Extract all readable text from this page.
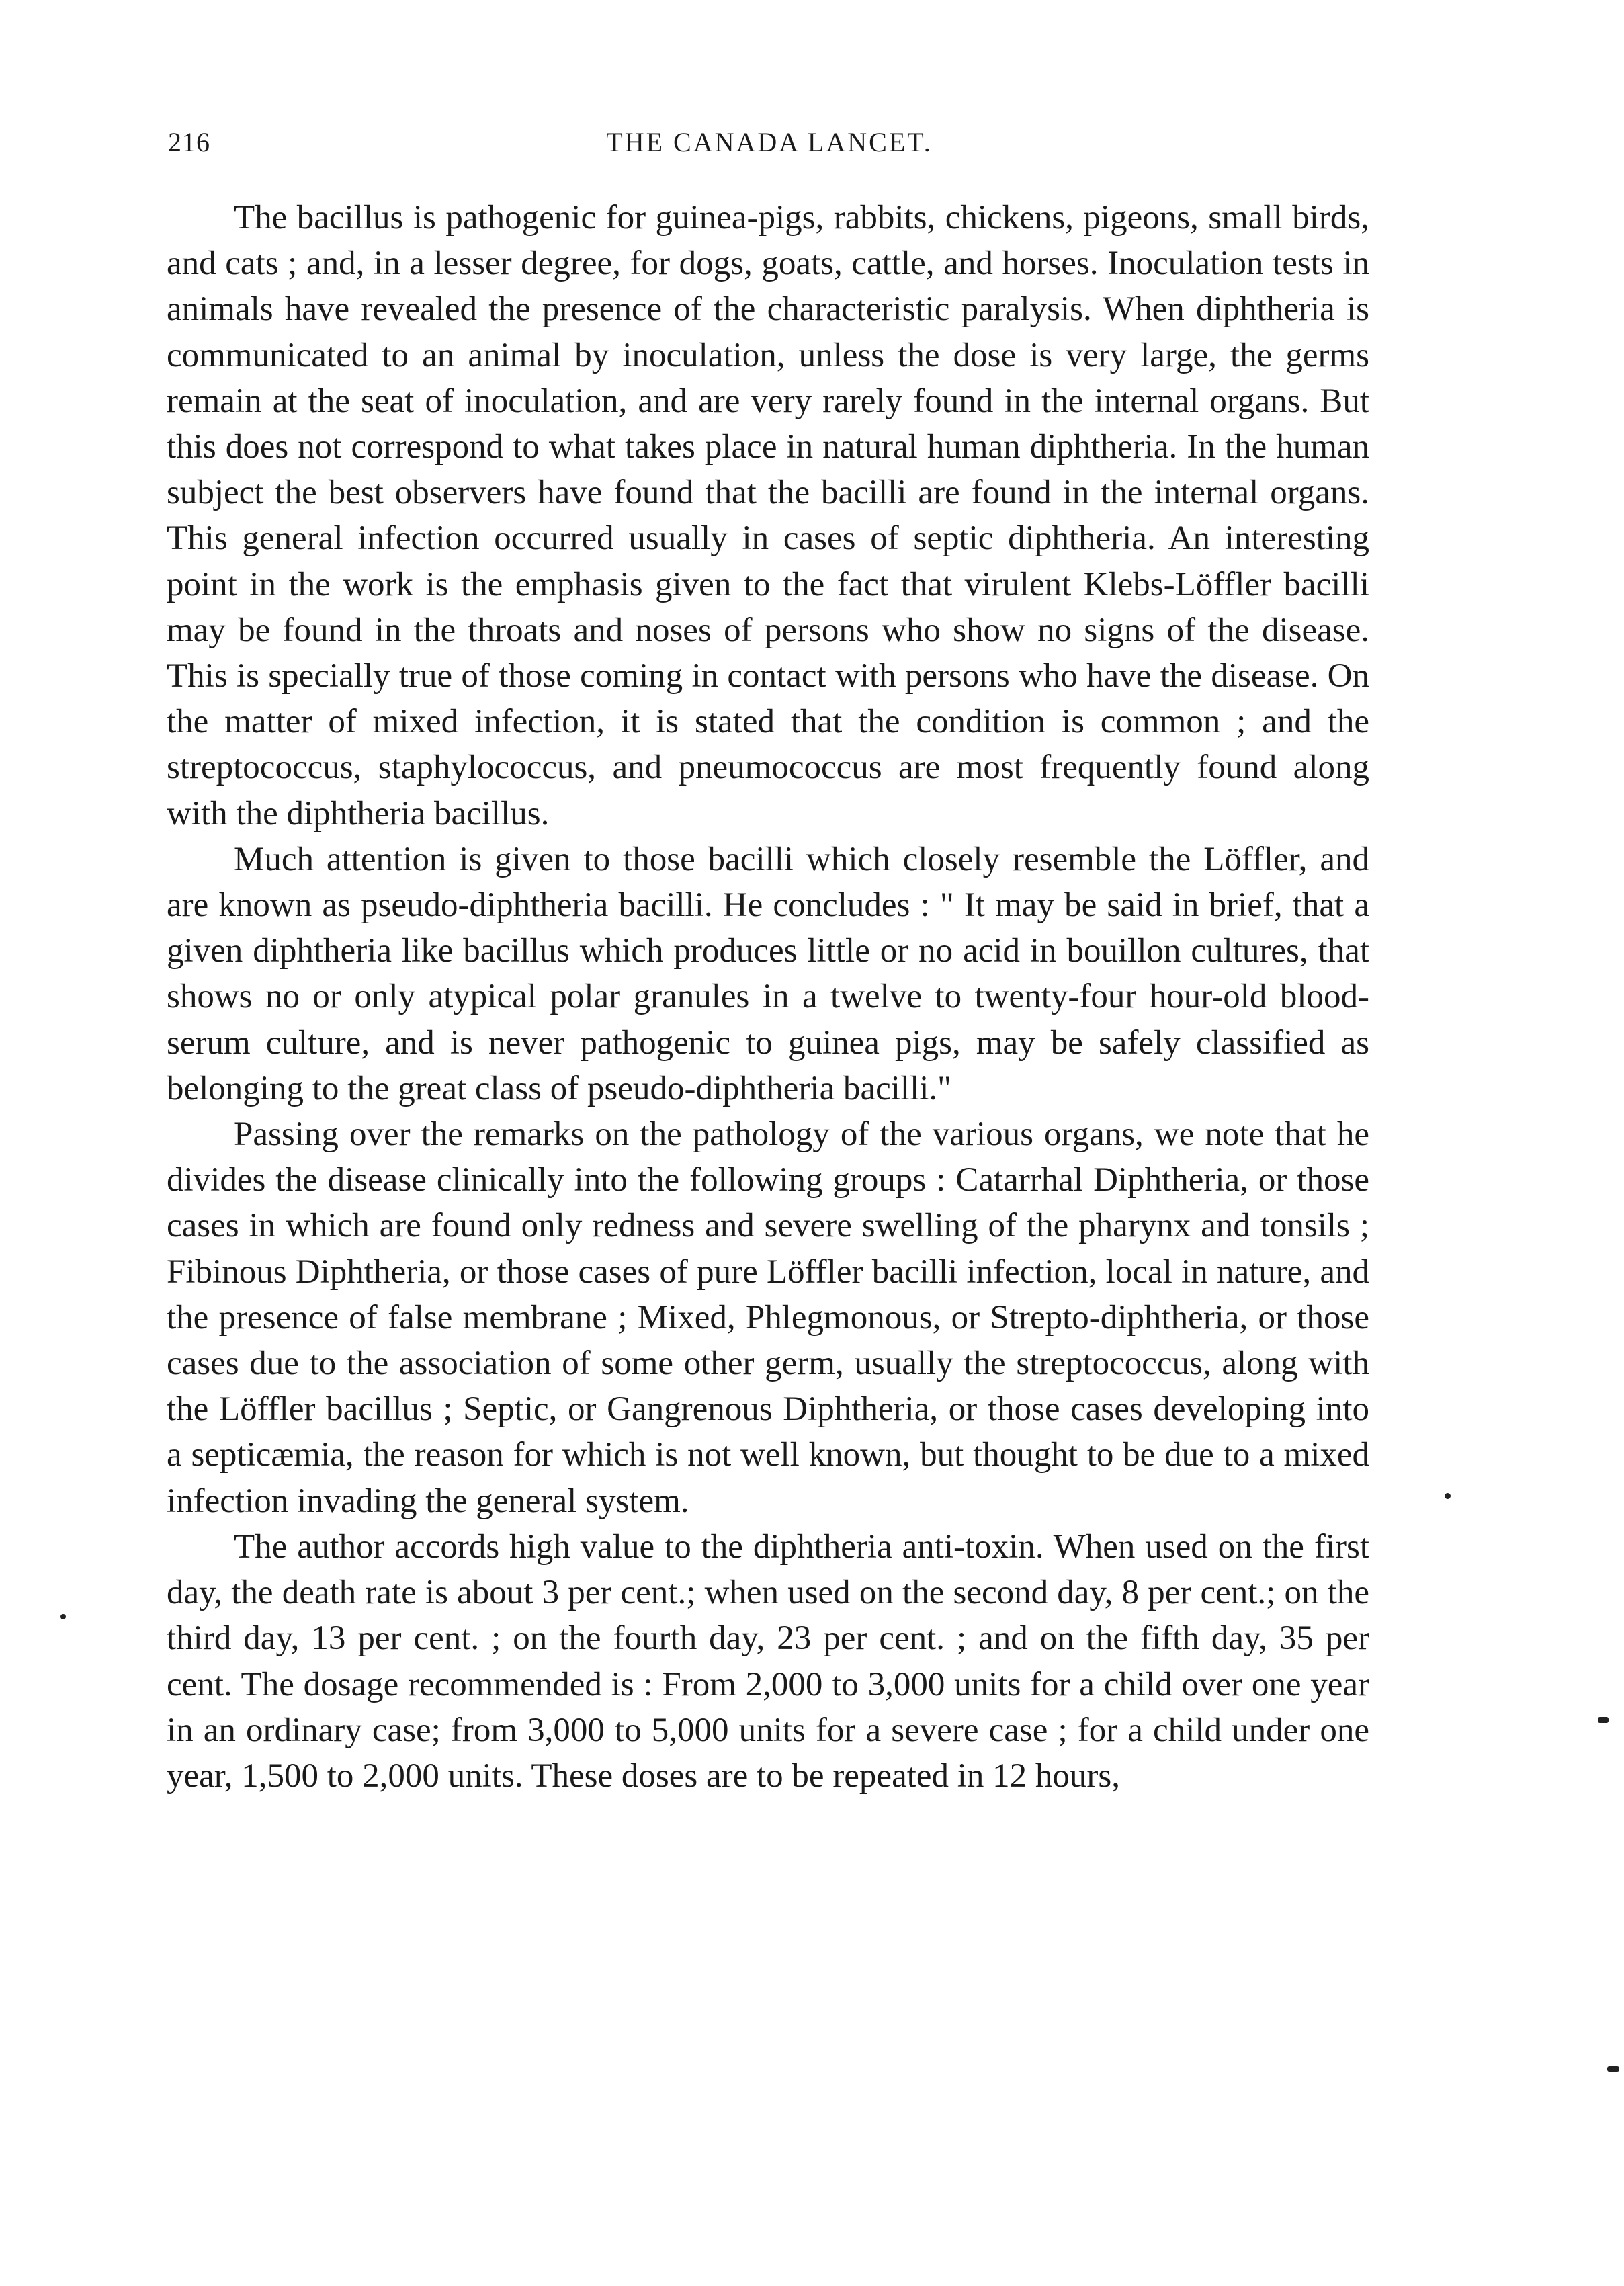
216	THE CANADA LANCET.

The bacillus is pathogenic for guinea-pigs, rabbits, chickens, pigeons, small birds, and cats ; and, in a lesser degree, for dogs, goats, cattle, and horses. Inoculation tests in animals have revealed the presence of the characteristic paralysis. When diphtheria is communicated to an animal by inoculation, unless the dose is very large, the germs remain at the seat of inoculation, and are very rarely found in the internal organs. But this does not correspond to what takes place in natural human diphtheria. In the human subject the best observers have found that the bacilli are found in the internal organs. This general infection occurred usually in cases of septic diphtheria. An interesting point in the work is the emphasis given to the fact that virulent Klebs-Löffler bacilli may be found in the throats and noses of persons who show no signs of the disease. This is specially true of those coming in contact with persons who have the disease. On the matter of mixed infection, it is stated that the condition is common ; and the streptococcus, staphylococcus, and pneumococcus are most frequently found along with the diphtheria bacillus.

Much attention is given to those bacilli which closely resemble the Löffler, and are known as pseudo-diphtheria bacilli. He concludes : " It may be said in brief, that a given diphtheria like bacillus which produces little or no acid in bouillon cultures, that shows no or only atypical polar granules in a twelve to twenty-four hour-old blood-serum culture, and is never pathogenic to guinea pigs, may be safely classified as belonging to the great class of pseudo-diphtheria bacilli."

Passing over the remarks on the pathology of the various organs, we note that he divides the disease clinically into the following groups : Catarrhal Diphtheria, or those cases in which are found only redness and severe swelling of the pharynx and tonsils ; Fibinous Diphtheria, or those cases of pure Löffler bacilli infection, local in nature, and the presence of false membrane ; Mixed, Phlegmonous, or Strepto-diphtheria, or those cases due to the association of some other germ, usually the streptococcus, along with the Löffler bacillus ; Septic, or Gangrenous Diphtheria, or those cases developing into a septicæmia, the reason for which is not well known, but thought to be due to a mixed infection invading the general system.

The author accords high value to the diphtheria anti-toxin. When used on the first day, the death rate is about 3 per cent.; when used on the second day, 8 per cent.; on the third day, 13 per cent. ; on the fourth day, 23 per cent. ; and on the fifth day, 35 per cent. The dosage recommended is : From 2,000 to 3,000 units for a child over one year in an ordinary case; from 3,000 to 5,000 units for a severe case ; for a child under one year, 1,500 to 2,000 units. These doses are to be repeated in 12 hours,
